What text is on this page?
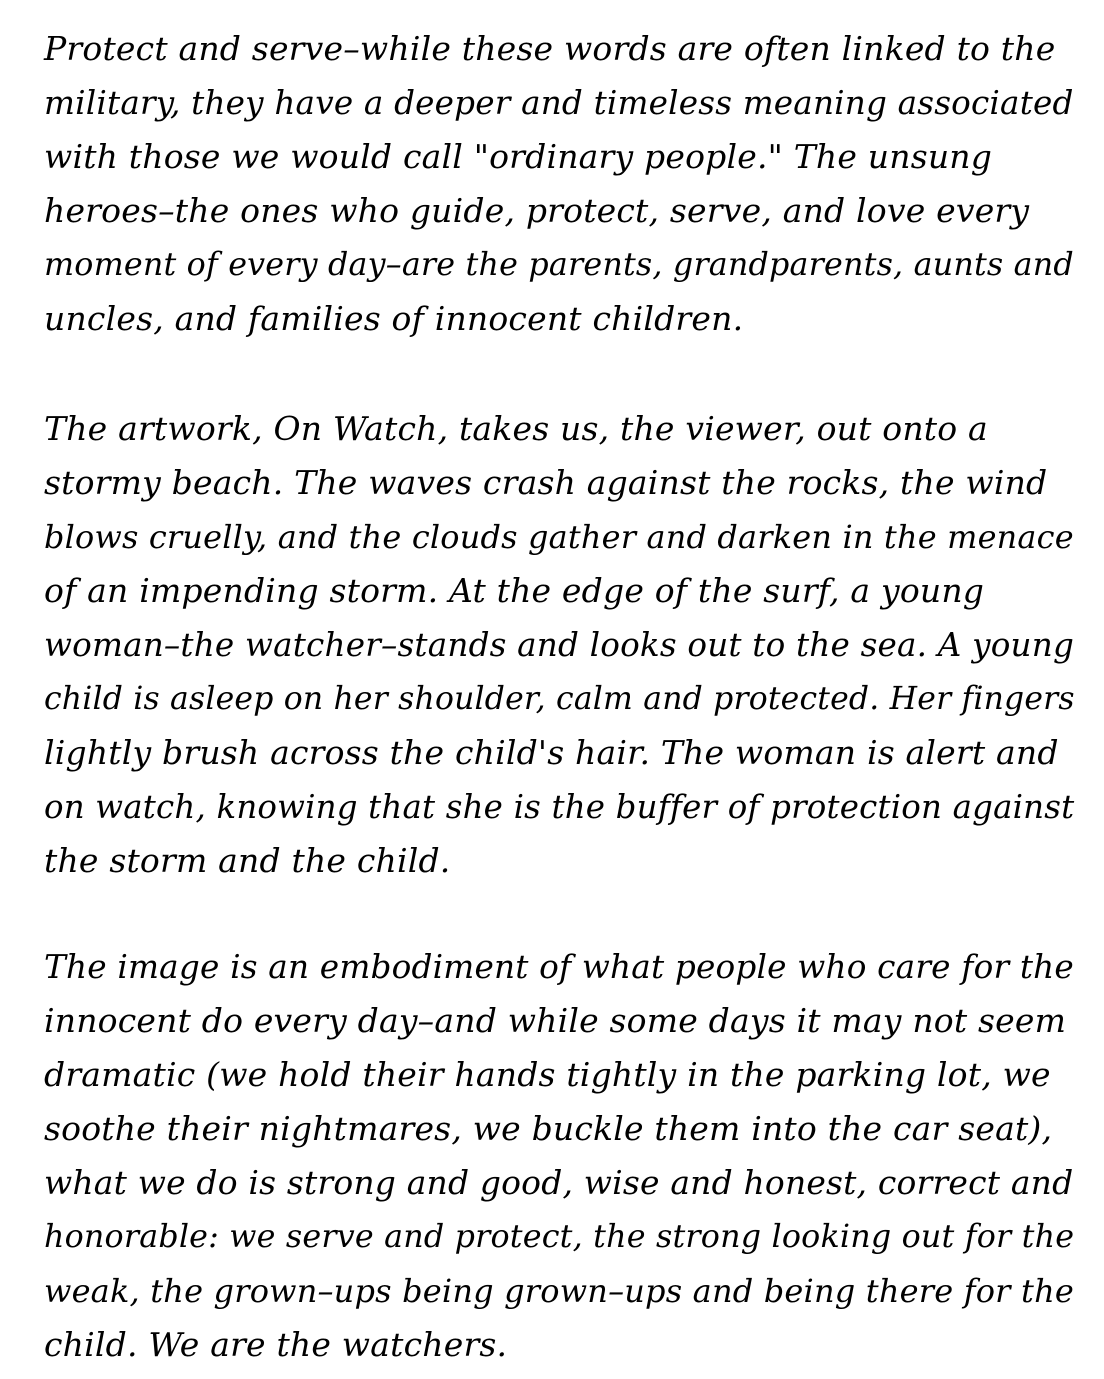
Protect and serve–while these words are often linked to the
military, they have a deeper and timeless meaning associated
with those we would call "ordinary people." The unsung
heroes–the ones who guide, protect, serve, and love every
moment of every day–are the parents, grandparents, aunts and
uncles, and families of innocent children.
The artwork, On Watch, takes us, the viewer, out onto a
stormy beach. The waves crash against the rocks, the wind
blows cruelly, and the clouds gather and darken in the menace
of an impending storm. At the edge of the surf, a young
woman–the watcher–stands and looks out to the sea. A young
child is asleep on her shoulder, calm and protected. Her fingers
lightly brush across the child's hair. The woman is alert and
on watch, knowing that she is the buffer of protection against
the storm and the child.
The image is an embodiment of what people who care for the
innocent do every day–and while some days it may not seem
dramatic (we hold their hands tightly in the parking lot, we
soothe their nightmares, we buckle them into the car seat),
what we do is strong and good, wise and honest, correct and
honorable: we serve and protect, the strong looking out for the
weak, the grown–ups being grown–ups and being there for the
child. We are the watchers.
